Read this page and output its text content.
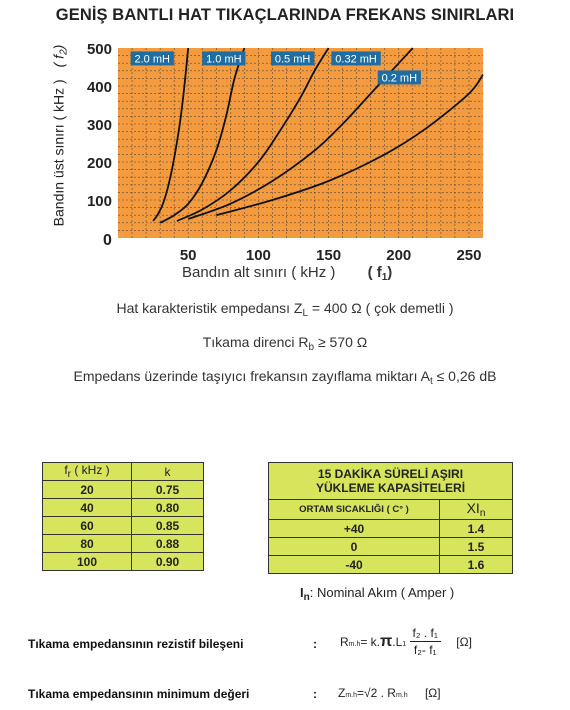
GENİŞ BANTLI HAT TIKAÇLARINDA FREKANS SINIRLARI
2.0 mH	1.0 mH	0.5 mH 0.32 mH
0.2 mH
50	100	150	200	250
100
200
300
400
500
Bandın üst sınırı ( kHz ) ( $f_2$)
0
Bandın alt sınırı ( kHz ) ( $f_1$)
Hat karakteristik empedansı $Z_L = 400$ Ω ( çok demetli )
Tıkama direnci $R_b \ge 570$ Ω
Empedans üzerinde taşıyıcı frekansın zayıflama miktarı $A_t \le 0,26$ dB
$f_r$ ( kHz )	k
20	0.75
40	0.80
60	0.85
80	0.88
100	0.90
15 DAKİKA SÜRELİ AŞIRI
YÜKLEME KAPASİTELERİ	

ORTAM SICAKLIĞI ( C° )	$XI_n$
+40	1.4
0	1.5
-40	1.6
$I_n$: Nominal Akım ( Amper )
Tıkama empedansının rezistif bileşeni	: $Rm.h= k.\pi.L1 \frac{\text{f₂ . f₁}}{\text{f₂- f₁}} [\Omega]$
Tıkama empedansının minimum değeri	: Zm.h=√2 . Rm.h [Ω]
